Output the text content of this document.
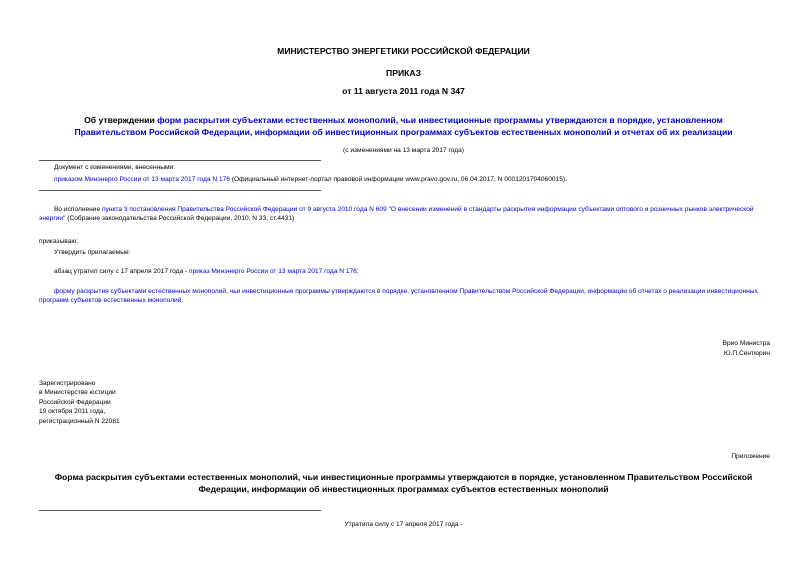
МИНИСТЕРСТВО ЭНЕРГЕТИКИ РОССИЙСКОЙ ФЕДЕРАЦИИ
ПРИКАЗ
от 11 августа 2011 года N 347
Об утверждении форм раскрытия субъектами естественных монополий, чьи инвестиционные программы утверждаются в порядке, установленном
Правительством Российской Федерации, информации об инвестиционных программах субъектов естественных монополий и отчетах об их реализации
(с изменениями на 13 марта 2017 года)
Документ с изменениями, внесенными:
приказом Минэнерго России от 13 марта 2017 года N 176 (Официальный интернет-портал правовой информации www.pravo.gov.ru, 06.04.2017, N 0001201704060015).
Во исполнение пункта 3 постановления Правительства Российской Федерации от 9 августа 2010 года N 609 "О внесении изменений в стандарты раскрытия информации субъектами оптового и розничных рынков электрической энергии" (Собрание законодательства Российской Федерации, 2010, N 33, ст.4431)
приказываю:
Утвердить прилагаемые:
абзац утратил силу с 17 апреля 2017 года - приказ Минэнерго России от 13 марта 2017 года N 176;
форму раскрытия субъектами естественных монополий, чьи инвестиционные программы утверждаются в порядке, установленном Правительством Российской Федерации, информации об отчетах о реализации инвестиционных программ субъектов естественных монополий.
Врио Министра
Ю.П.Сентюрин
Зарегистрировано
в Министерстве юстиции
Российской Федерации
19 октября 2011 года,
регистрационный N 22081
Приложение
Форма раскрытия субъектами естественных монополий, чьи инвестиционные программы утверждаются в порядке, установленном Правительством Российской
Федерации, информации об инвестиционных программах субъектов естественных монополий
Утратила силу с 17 апреля 2017 года -
